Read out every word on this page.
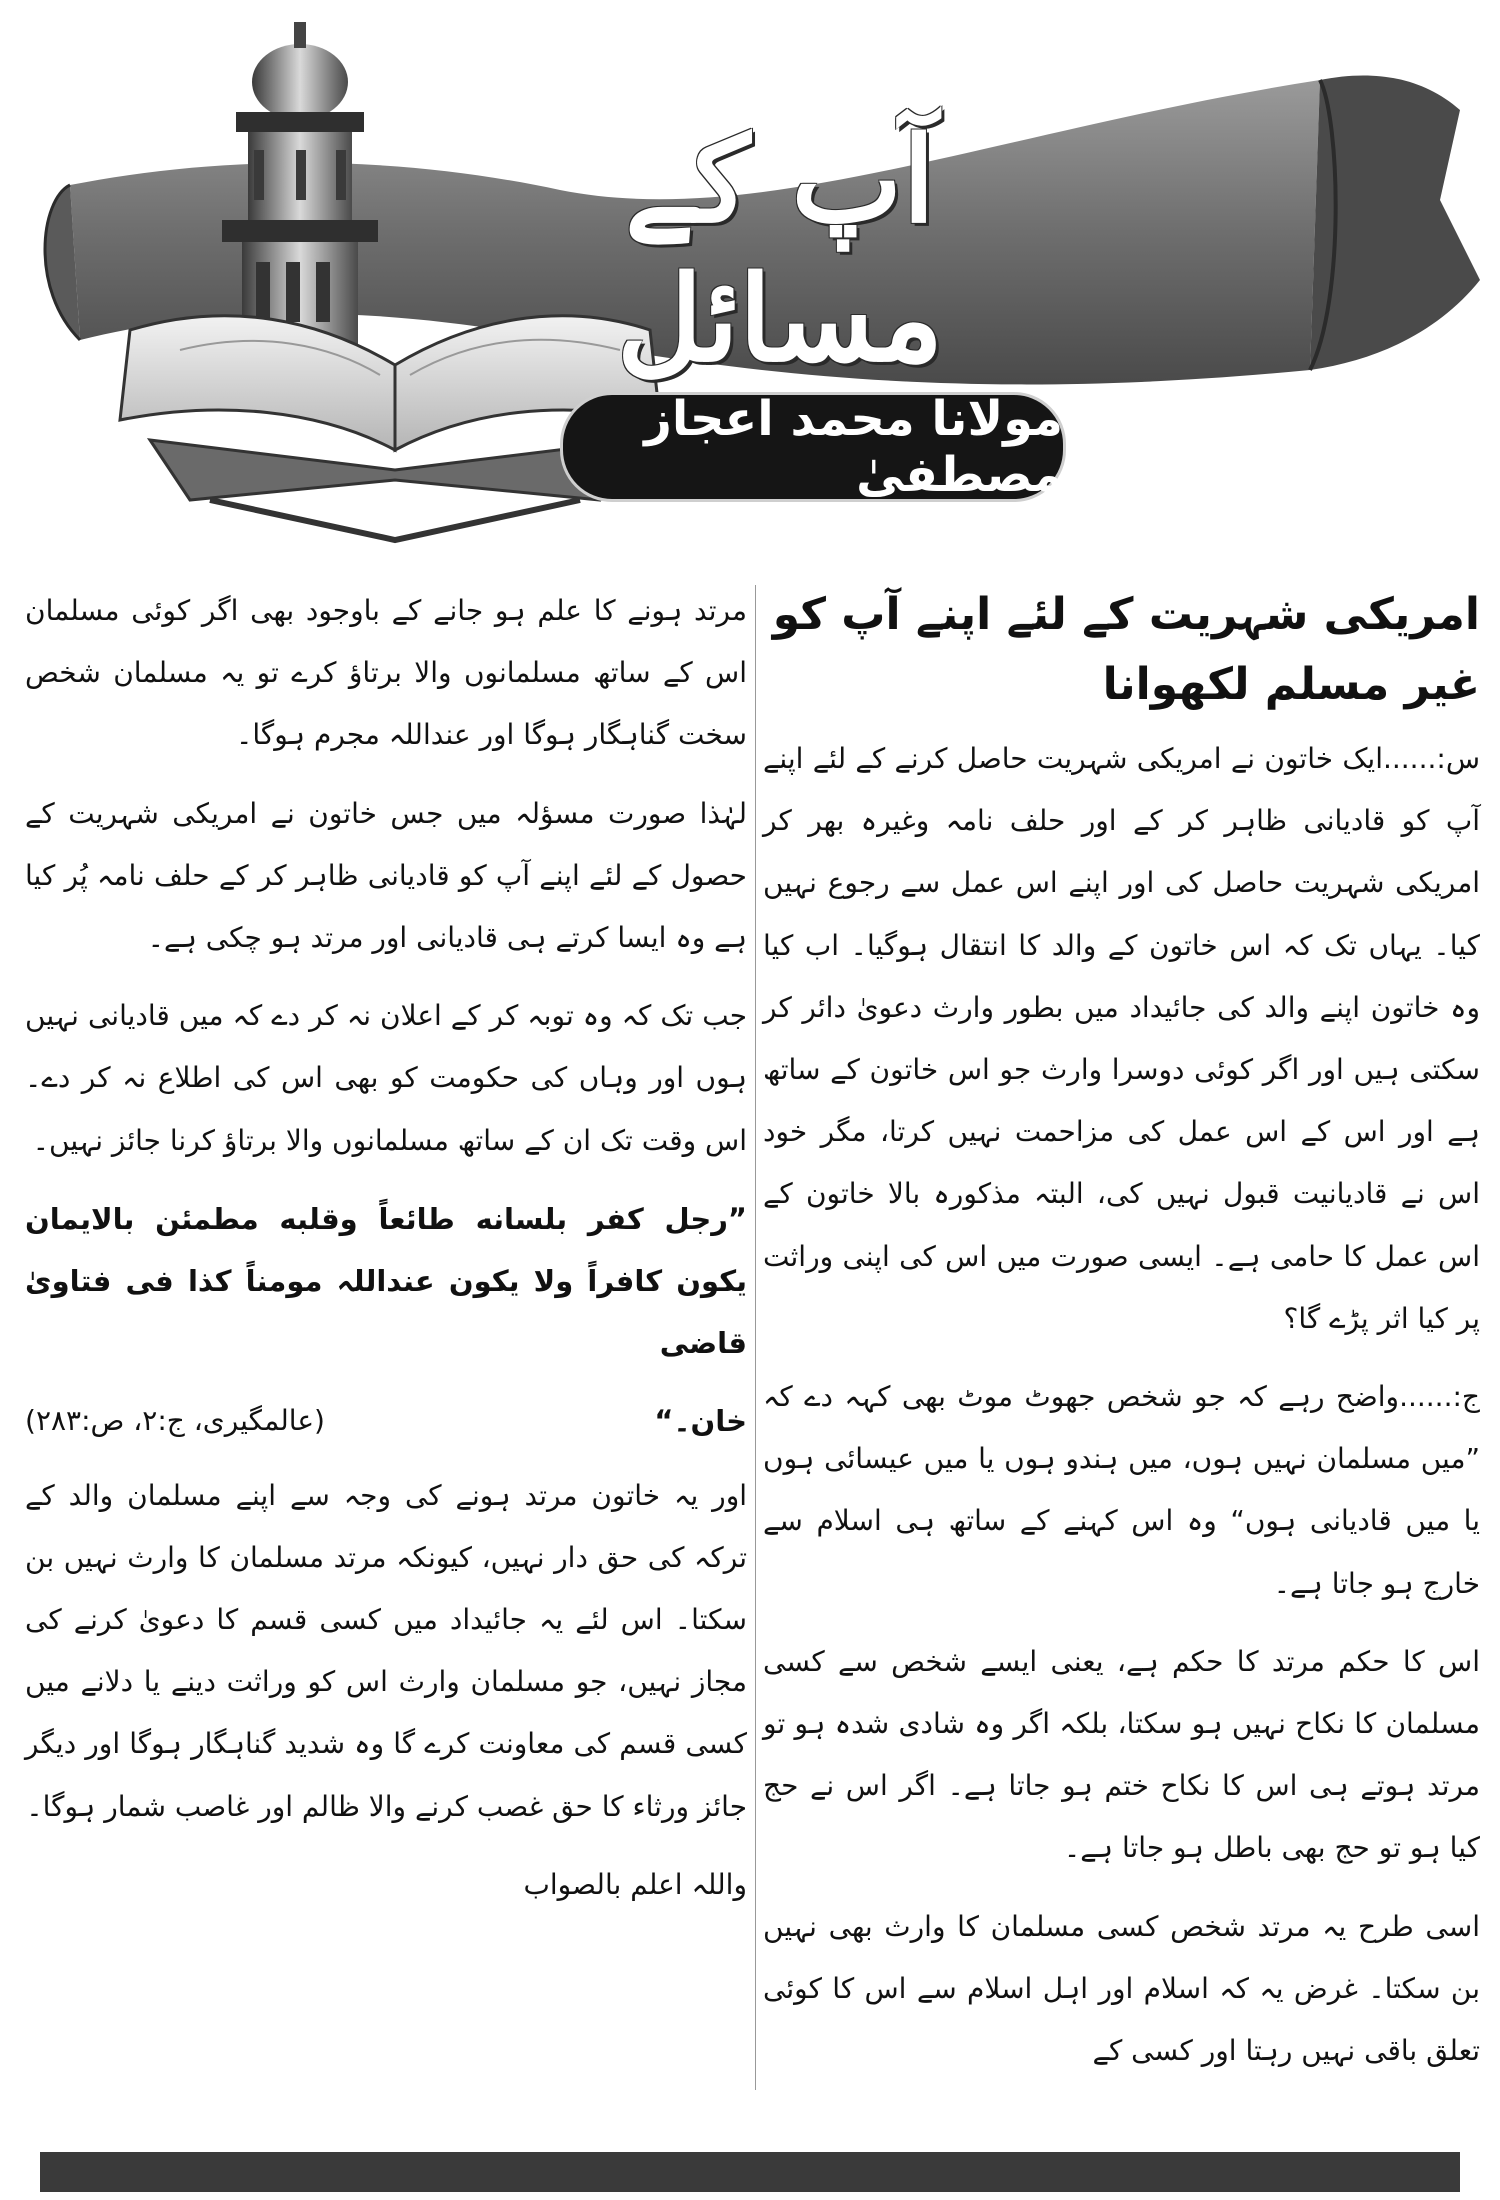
آپ کے مسائل
مولانا محمد اعجاز مصطفیٰ
امریکی شہریت کے لئے اپنے آپ کو غیر مسلم لکھوانا

س:......ایک خاتون نے امریکی شہریت حاصل کرنے کے لئے اپنے آپ کو قادیانی ظاہر کر کے اور حلف نامہ وغیرہ بھر کر امریکی شہریت حاصل کی اور اپنے اس عمل سے رجوع نہیں کیا۔ یہاں تک کہ اس خاتون کے والد کا انتقال ہوگیا۔ اب کیا وہ خاتون اپنے والد کی جائیداد میں بطور وارث دعویٰ دائر کر سکتی ہیں اور اگر کوئی دوسرا وارث جو اس خاتون کے ساتھ ہے اور اس کے اس عمل کی مزاحمت نہیں کرتا، مگر خود اس نے قادیانیت قبول نہیں کی، البتہ مذکورہ بالا خاتون کے اس عمل کا حامی ہے۔ ایسی صورت میں اس کی اپنی وراثت پر کیا اثر پڑے گا؟

ج:......واضح رہے کہ جو شخص جھوٹ موٹ بھی کہہ دے کہ ”میں مسلمان نہیں ہوں، میں ہندو ہوں یا میں عیسائی ہوں یا میں قادیانی ہوں“ وہ اس کہنے کے ساتھ ہی اسلام سے خارج ہو جاتا ہے۔

اس کا حکم مرتد کا حکم ہے، یعنی ایسے شخص سے کسی مسلمان کا نکاح نہیں ہو سکتا، بلکہ اگر وہ شادی شدہ ہو تو مرتد ہوتے ہی اس کا نکاح ختم ہو جاتا ہے۔ اگر اس نے حج کیا ہو تو حج بھی باطل ہو جاتا ہے۔

اسی طرح یہ مرتد شخص کسی مسلمان کا وارث بھی نہیں بن سکتا۔ غرض یہ کہ اسلام اور اہل اسلام سے اس کا کوئی تعلق باقی نہیں رہتا اور کسی کے

مرتد ہونے کا علم ہو جانے کے باوجود بھی اگر کوئی مسلمان اس کے ساتھ مسلمانوں والا برتاؤ کرے تو یہ مسلمان شخص سخت گناہگار ہوگا اور عنداللہ مجرم ہوگا۔

لہٰذا صورت مسؤلہ میں جس خاتون نے امریکی شہریت کے حصول کے لئے اپنے آپ کو قادیانی ظاہر کر کے حلف نامہ پُر کیا ہے وہ ایسا کرتے ہی قادیانی اور مرتد ہو چکی ہے۔

جب تک کہ وہ توبہ کر کے اعلان نہ کر دے کہ میں قادیانی نہیں ہوں اور وہاں کی حکومت کو بھی اس کی اطلاع نہ کر دے۔ اس وقت تک ان کے ساتھ مسلمانوں والا برتاؤ کرنا جائز نہیں۔

”رجل کفر بلسانه طائعاً وقلبه مطمئن بالایمان یکون کافراً ولا یکون عنداللہ مومناً کذا فی فتاویٰ قاضی

خان۔“
(عالمگیری، ج:۲، ص:۲۸۳)

اور یہ خاتون مرتد ہونے کی وجہ سے اپنے مسلمان والد کے ترکہ کی حق دار نہیں، کیونکہ مرتد مسلمان کا وارث نہیں بن سکتا۔ اس لئے یہ جائیداد میں کسی قسم کا دعویٰ کرنے کی مجاز نہیں، جو مسلمان وارث اس کو وراثت دینے یا دلانے میں کسی قسم کی معاونت کرے گا وہ شدید گناہگار ہوگا اور دیگر جائز ورثاء کا حق غصب کرنے والا ظالم اور غاصب شمار ہوگا۔

واللہ اعلم بالصواب
